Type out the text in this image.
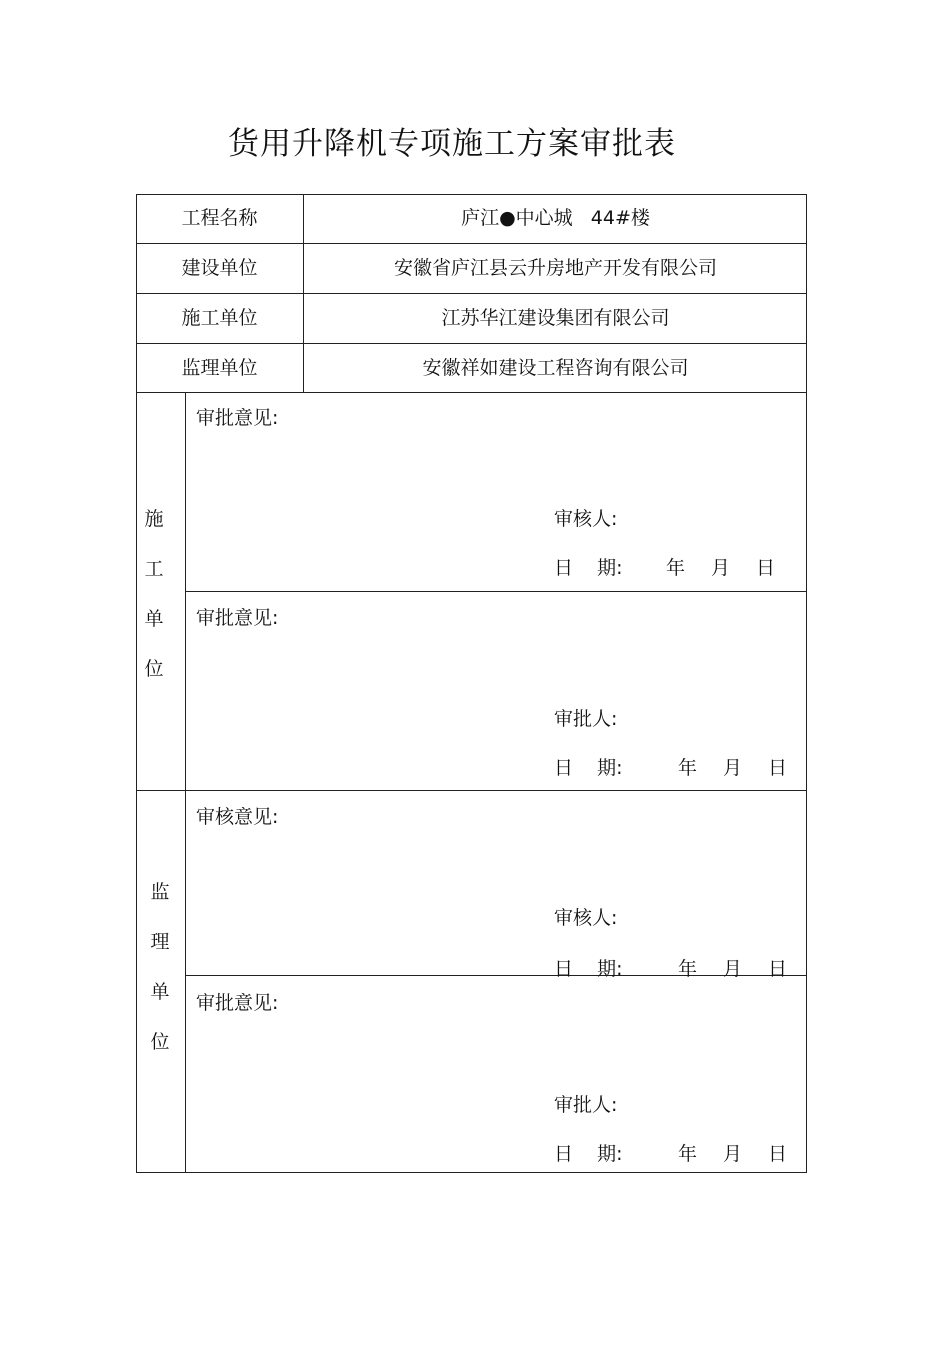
货用升降机专项施工方案审批表
工程名称	庐江●中心城   44#楼
建设单位	安徽省庐江县云升房地产开发有限公司
施工单位	江苏华江建设集团有限公司
监理单位	安徽祥如建设工程咨询有限公司
施
工
单
位
审批意见:
审核人:
日    期: 年 月 日
审批意见:
审批人:
日    期:	年 月 日
监
理
单
位
审核意见:
审核人:
日    期:	年 月 日
审批意见:
审批人:
日    期:	年 月 日
